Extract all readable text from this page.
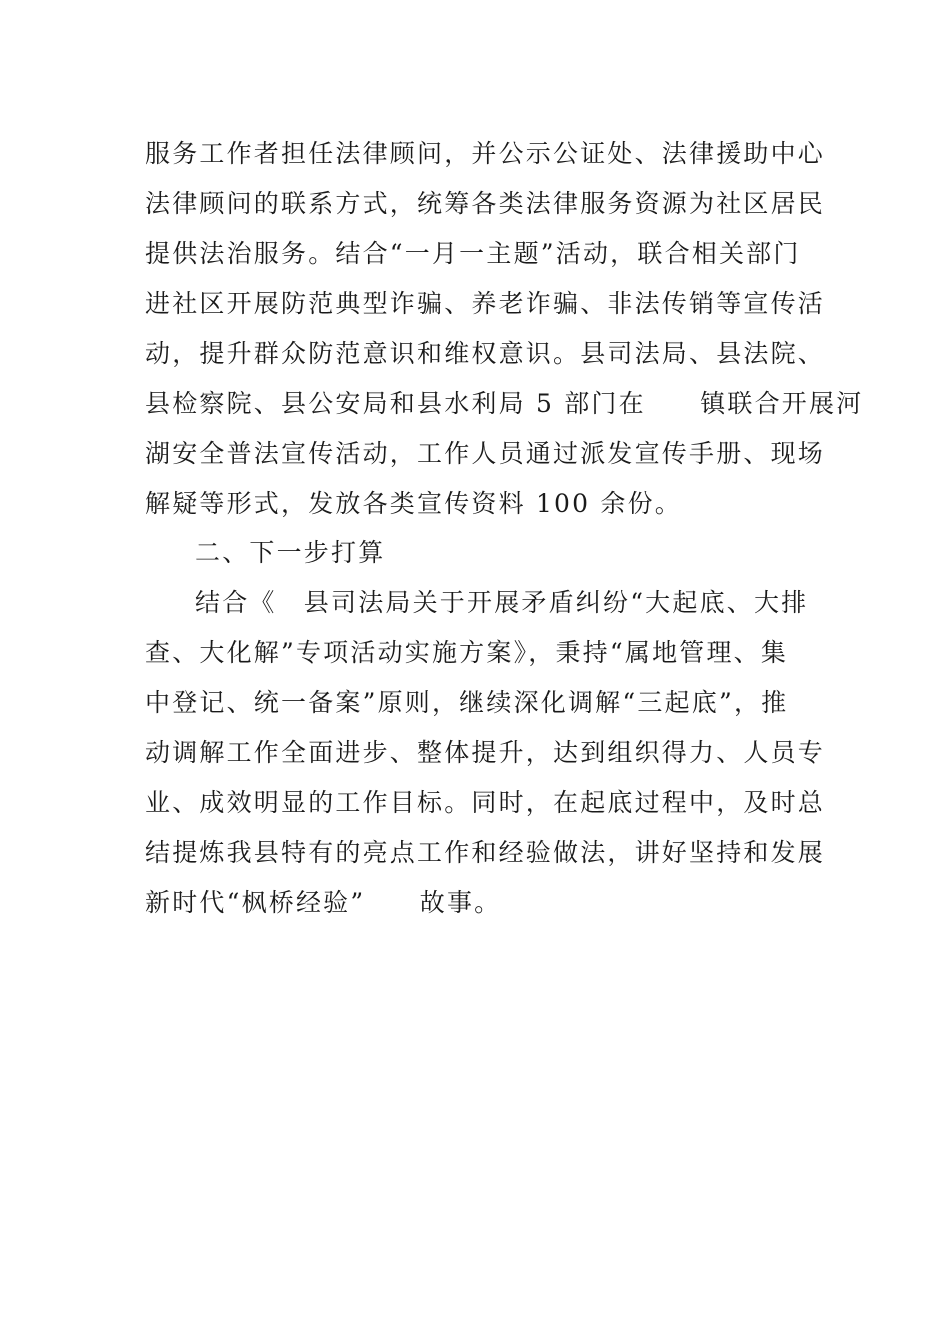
服务工作者担任法律顾问，并公示公证处、法律援助中心
法律顾问的联系方式，统筹各类法律服务资源为社区居民
提供法治服务。结合“一月一主题”活动，联合相关部门
进社区开展防范典型诈骗、养老诈骗、非法传销等宣传活
动，提升群众防范意识和维权意识。县司法局、县法院、
县检察院、县公安局和县水利局 5 部门在　　镇联合开展河
湖安全普法宣传活动，工作人员通过派发宣传手册、现场
解疑等形式，发放各类宣传资料 100 余份。
二、下一步打算
结合《　县司法局关于开展矛盾纠纷“大起底、大排
查、大化解”专项活动实施方案》，秉持“属地管理、集
中登记、统一备案”原则，继续深化调解“三起底”，推
动调解工作全面进步、整体提升，达到组织得力、人员专
业、成效明显的工作目标。同时，在起底过程中，及时总
结提炼我县特有的亮点工作和经验做法，讲好坚持和发展
新时代“枫桥经验”　　故事。
